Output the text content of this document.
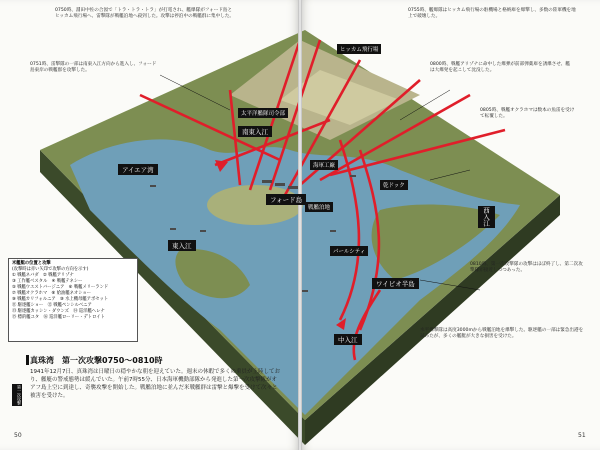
ヒッカム飛行場
太平洋艦隊司令部
南東入江
アイエア湾	海軍工廠
乾ドック
フォード島
戦艦泊地
東入江
パールシティ
ワイピオ半島
中入江
西入江
0750時、淵田中佐の合図で「トラ・トラ・トラ」が打電され、艦爆隊がフォード島とヒッカム飛行場へ、雷撃隊が戦艦泊地へ殺到した。攻撃は停泊中の戦艦群に集中した。
0751時、雷撃隊の一部は南東入江方向から進入し、フォード島東岸の戦艦群を攻撃した。
0755時、艦爆隊はヒッカム飛行場の駐機場と格納庫を爆撃し、多数の陸軍機を地上で破壊した。
0800時、戦艦アリゾナに命中した爆弾が前部弾薬庫を誘爆させ、艦は大爆発を起こして沈没した。
0805時、戦艦オクラホマは数本の魚雷を受けて転覆した。
0810時、第一次攻撃隊の攻撃はほぼ終了し、第二次攻撃隊が接近しつつあった。
水平爆撃隊は高度3000mから戦艦泊地を爆撃した。駆逐艦の一部は緊急出港を試みたが、多くの艦艇が大きな損害を受けた。
米艦艇の位置と攻撃
(攻撃時は赤い矢印で攻撃の方向を示す)
① 戦艦ネバダ　② 戦艦アリゾナ
③ 工作艦ベスタル　④ 戦艦テネシー
⑤ 戦艦ウエストバージニア　⑥ 戦艦メリーランド
⑦ 戦艦オクラホマ　⑧ 給油艦ネオショー
⑨ 戦艦カリフォルニア　⑩ 水上機母艦アボセット
⑪ 駆逐艦ショー　⑫ 戦艦ペンシルベニア
⑬ 駆逐艦カッシン・ダウンズ　⑭ 巡洋艦ヘレナ
⑮ 標的艦ユタ　⑯ 巡洋艦ローリー・デトロイト
真珠湾　第一次攻撃0750～0810時
1941年12月7日、真珠湾は日曜日の穏やかな朝を迎えていた。週末の休暇で多くの乗員が上陸しており、艦艇の警戒態勢は緩んでいた。午前7時55分、日本海軍機動部隊から発進した第一次攻撃隊がオアフ島上空に到達し、奇襲攻撃を開始した。戦艦泊地に並んだ米戦艦群は雷撃と爆撃を受けて次々と被害を受けた。
第一次攻撃
50	51
